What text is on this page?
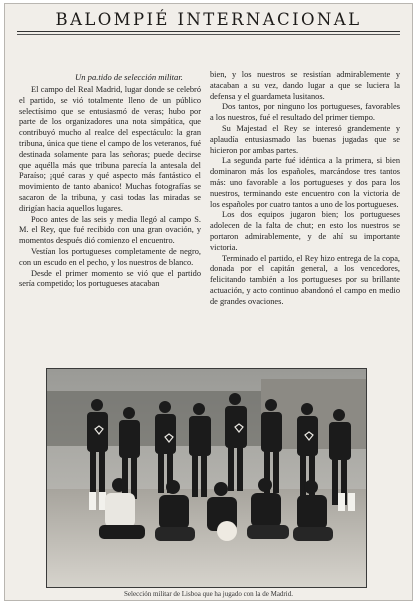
BALOMPIÉ INTERNACIONAL
Un pa.tido de selección militar.

El campo del Real Madrid, lugar donde se celebró el partido, se vió totalmente lleno de un público selectísimo que se entusiasmó de veras; hubo por parte de los organizadores una nota simpática, que contribuyó mucho al realce del espectáculo: la gran tribuna, única que tiene el campo de los veteranos, fué destinada solamente para las señoras; puede decirse que aquélla más que tribuna parecía la antesala del Paraíso; ¡qué caras y qué aspecto más fantástico el movimiento de tanto abanico! Muchas fotografías se sacaron de la tribuna, y casi todas las miradas se dirigían hacia aquellos lugares.

Poco antes de las seis y media llegó al campo S. M. el Rey, que fué recibido con una gran ovación, y momentos después dió comienzo el encuentro.

Vestían los portugueses completamente de negro, con un escudo en el pecho, y los nuestros de blanco.

Desde el primer momento se vió que el partido sería competido; los portugueses atacaban

bien, y los nuestros se resistían admirablemente y atacaban a su vez, dando lugar a que se luciera la defensa y el guardameta lusitanos.

Dos tantos, por ninguno los portugueses, favorables a los nuestros, fué el resultado del primer tiempo.

Su Majestad el Rey se interesó grandemente y aplaudía entusiasmado las buenas jugadas que se hicieron por ambas partes.

La segunda parte fué idéntica a la primera, si bien dominaron más los españoles, marcándose tres tantos más: uno favorable a los portugueses y dos para los nuestros, terminando este encuentro con la victoria de los españoles por cuatro tantos a uno de los portugueses.

Los dos equipos jugaron bien; los portugueses adolecen de la falta de chut; en esto los nuestros se portaron admirablemente, y de ahí su importante victoria.

Terminado el partido, el Rey hizo entrega de la copa, donada por el capitán general, a los vencedores, felicitando también a los portugueses por su brillante actuación, y acto continuo abandonó el campo en medio de grandes ovaciones.

Selección militar de Lisboa que ha jugado con la de Madrid.
